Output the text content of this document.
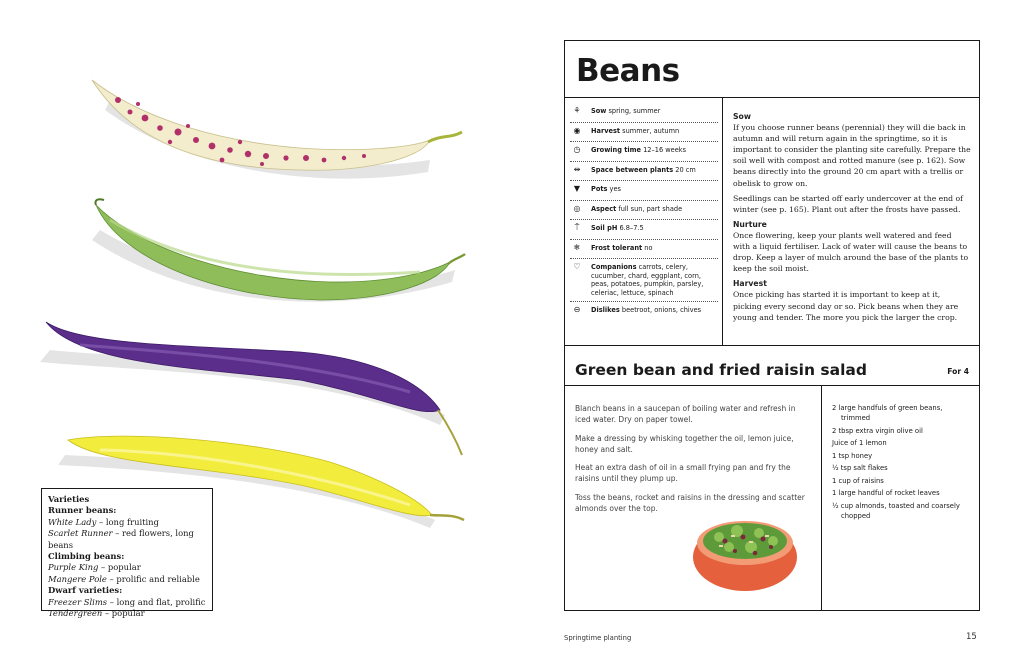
Varieties
Runner beans:
White Lady – long fruiting
Scarlet Runner – red flowers, long beans
Climbing beans:
Purple King – popular
Mangere Pole – prolific and reliable
Dwarf varieties:
Freezer Slims – long and flat, prolific
Tendergreen – popular
Beans
⚘	Sow spring, summer
◉	Harvest summer, autumn
◷	Growing time 12–16 weeks
⇹	Space between plants 20 cm
▼	Pots yes
◎	Aspect full sun, part shade
⍑	Soil pH 6.8–7.5
❄	Frost tolerant no
♡	Companions carrots, celery, cucumber, chard, eggplant, corn, peas, potatoes, pumpkin, parsley, celeriac, lettuce, spinach
⊖	Dislikes beetroot, onions, chives
Sow

If you choose runner beans (perennial) they will die back in autumn and will return again in the springtime, so it is important to consider the planting site carefully. Prepare the soil well with compost and rotted manure (see p. 162). Sow beans directly into the ground 20 cm apart with a trellis or obelisk to grow on.

Seedlings can be started off early undercover at the end of winter (see p. 165). Plant out after the frosts have passed.

Nurture

Once flowering, keep your plants well watered and feed with a liquid fertiliser. Lack of water will cause the beans to drop. Keep a layer of mulch around the base of the plants to keep the soil moist.

Harvest

Once picking has started it is important to keep at it, picking every second day or so. Pick beans when they are young and tender. The more you pick the larger the crop.

Green bean and fried raisin salad	For 4

Blanch beans in a saucepan of boiling water and refresh in iced water. Dry on paper towel.

Make a dressing by whisking together the oil, lemon juice, honey and salt.

Heat an extra dash of oil in a small frying pan and fry the raisins until they plump up.

Toss the beans, rocket and raisins in the dressing and scatter almonds over the top.

2 large handfuls of green beans, trimmed
2 tbsp extra virgin olive oil
Juice of 1 lemon
1 tsp honey
½ tsp salt flakes
1 cup of raisins
1 large handful of rocket leaves
½ cup almonds, toasted and coarsely chopped
Springtime planting	15
